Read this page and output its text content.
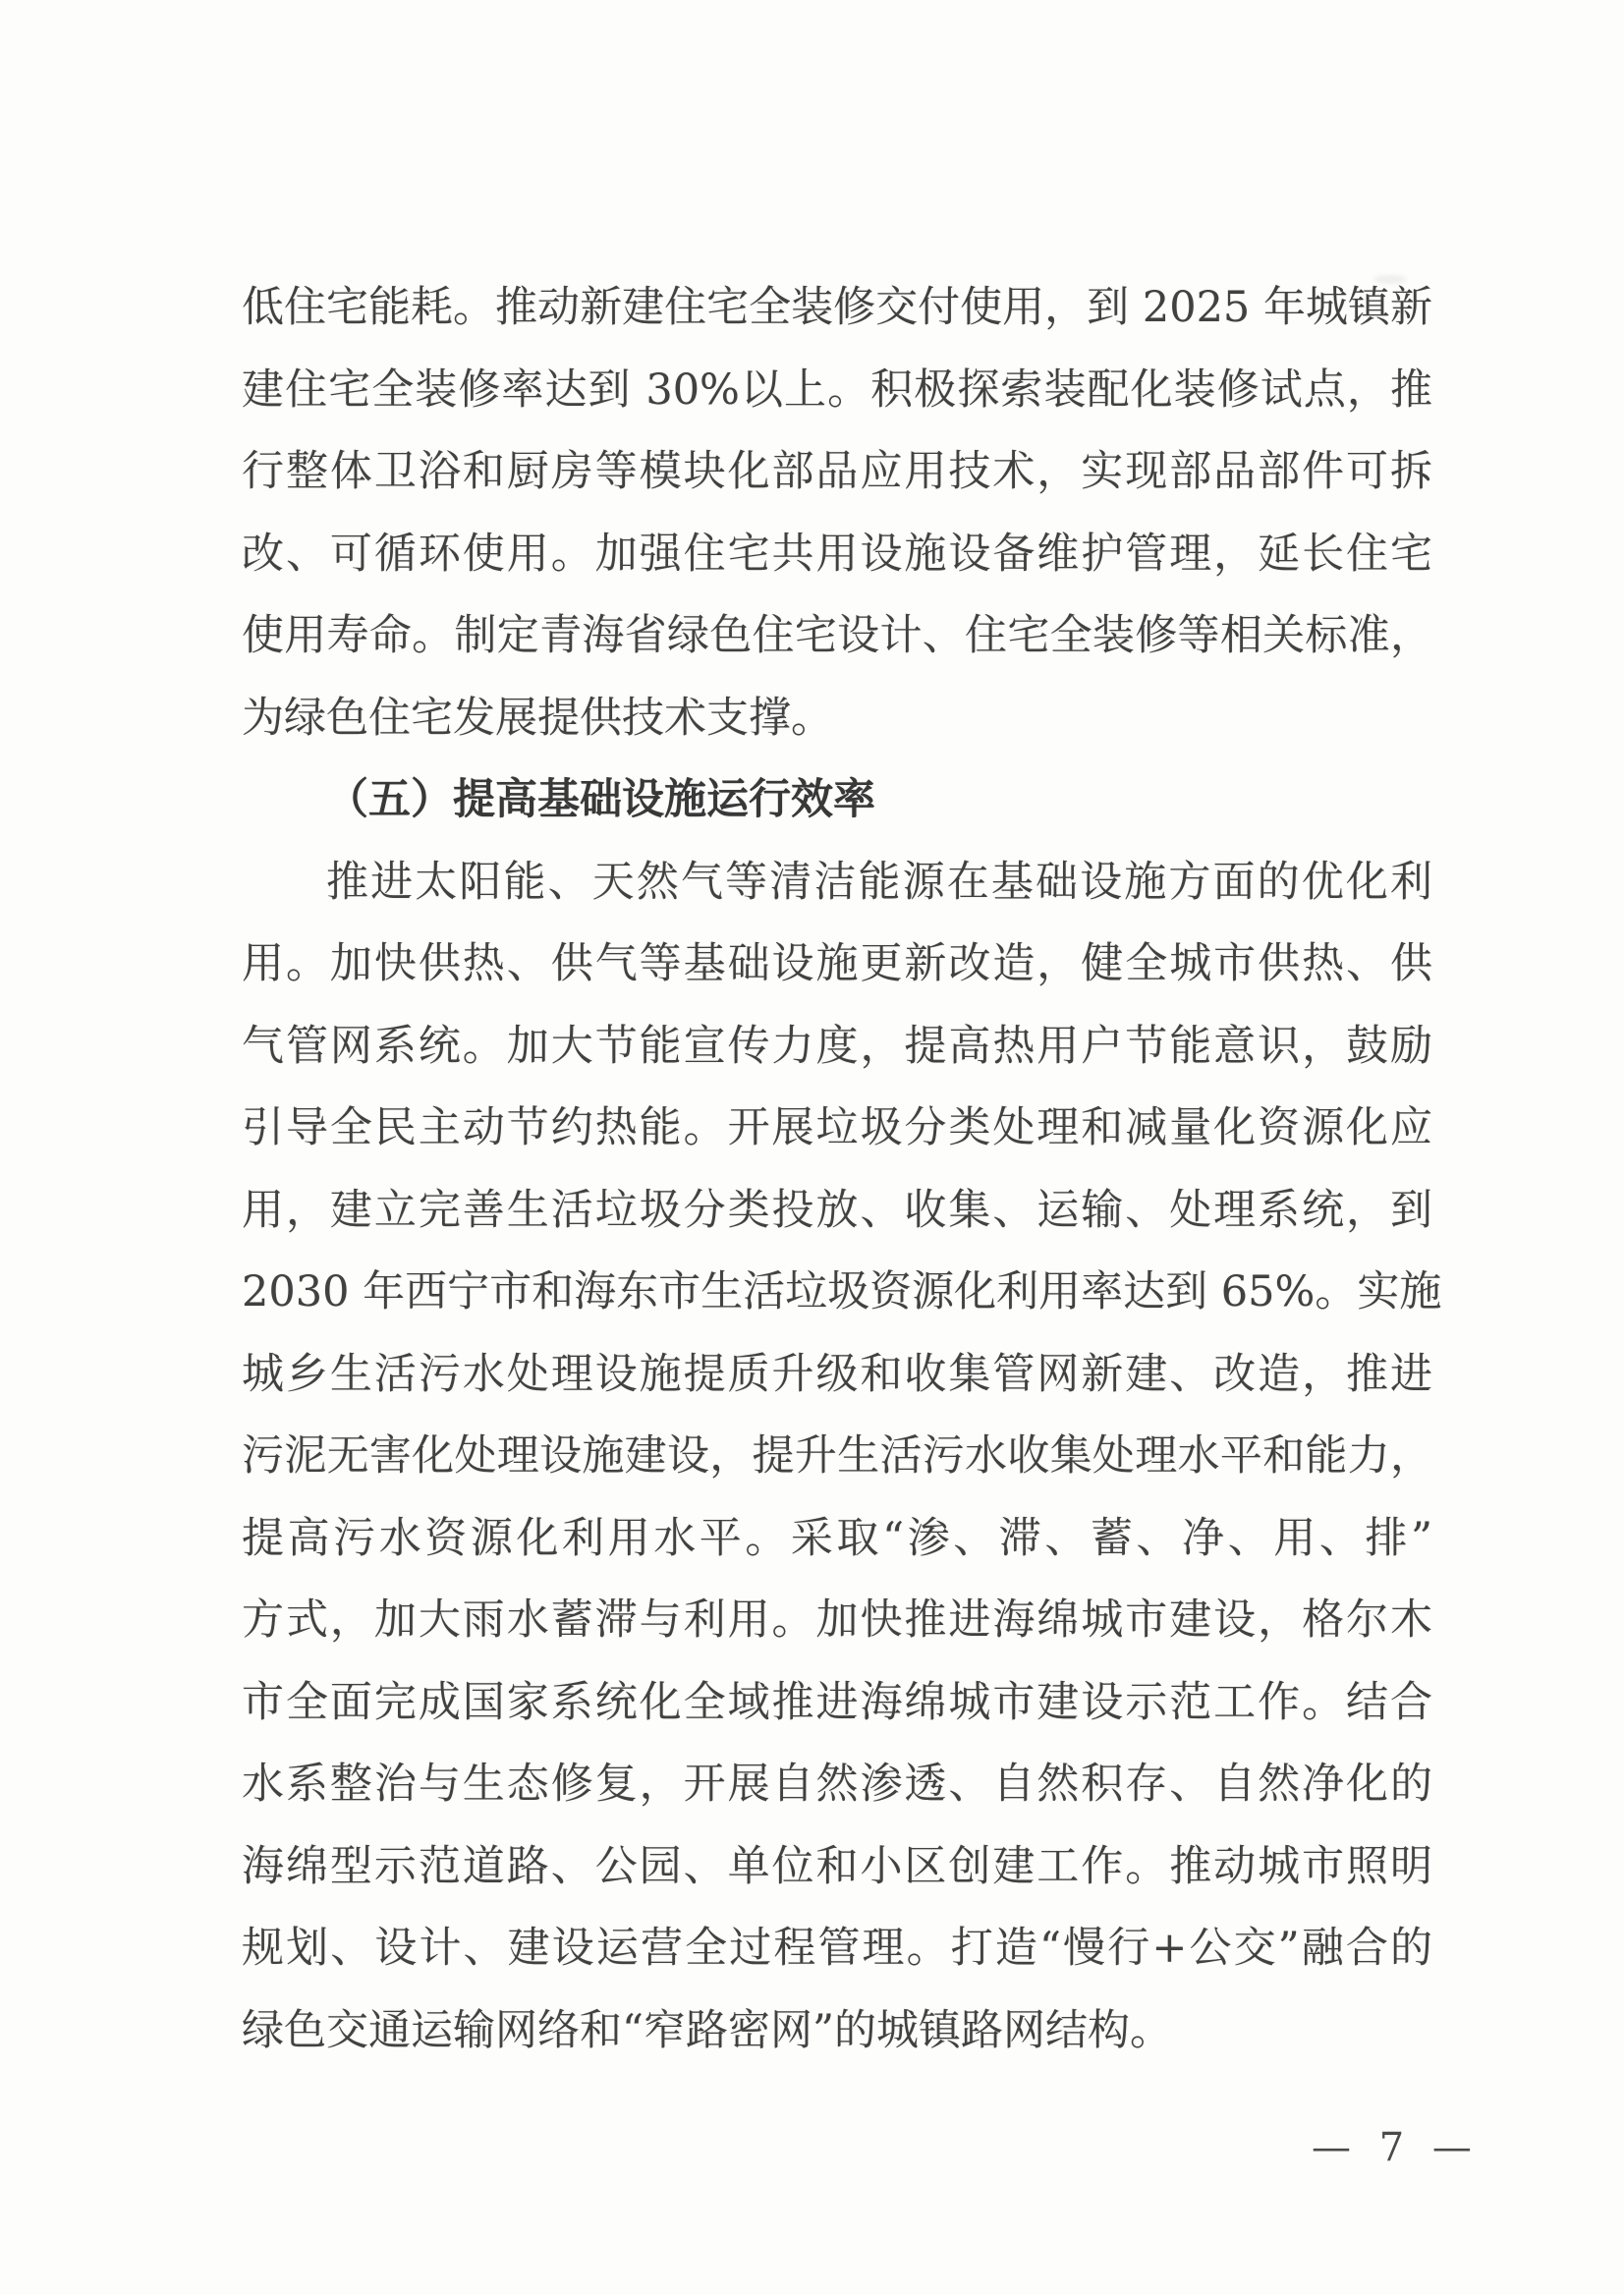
低住宅能耗。推动新建住宅全装修交付使用，到 2025 年城镇新
建住宅全装修率达到 30%以上。积极探索装配化装修试点，推
行整体卫浴和厨房等模块化部品应用技术，实现部品部件可拆
改、可循环使用。加强住宅共用设施设备维护管理，延长住宅
使用寿命。制定青海省绿色住宅设计、住宅全装修等相关标准，
为绿色住宅发展提供技术支撑。
（五）提高基础设施运行效率
推进太阳能、天然气等清洁能源在基础设施方面的优化利
用。加快供热、供气等基础设施更新改造，健全城市供热、供
气管网系统。加大节能宣传力度，提高热用户节能意识，鼓励
引导全民主动节约热能。开展垃圾分类处理和减量化资源化应
用，建立完善生活垃圾分类投放、收集、运输、处理系统，到
2030 年西宁市和海东市生活垃圾资源化利用率达到 65%。实施
城乡生活污水处理设施提质升级和收集管网新建、改造，推进
污泥无害化处理设施建设，提升生活污水收集处理水平和能力，
提高污水资源化利用水平。采取“渗、滞、蓄、净、用、排”
方式，加大雨水蓄滞与利用。加快推进海绵城市建设，格尔木
市全面完成国家系统化全域推进海绵城市建设示范工作。结合
水系整治与生态修复，开展自然渗透、自然积存、自然净化的
海绵型示范道路、公园、单位和小区创建工作。推动城市照明
规划、设计、建设运营全过程管理。打造“慢行+公交”融合的
绿色交通运输网络和“窄路密网”的城镇路网结构。
— 7 —
